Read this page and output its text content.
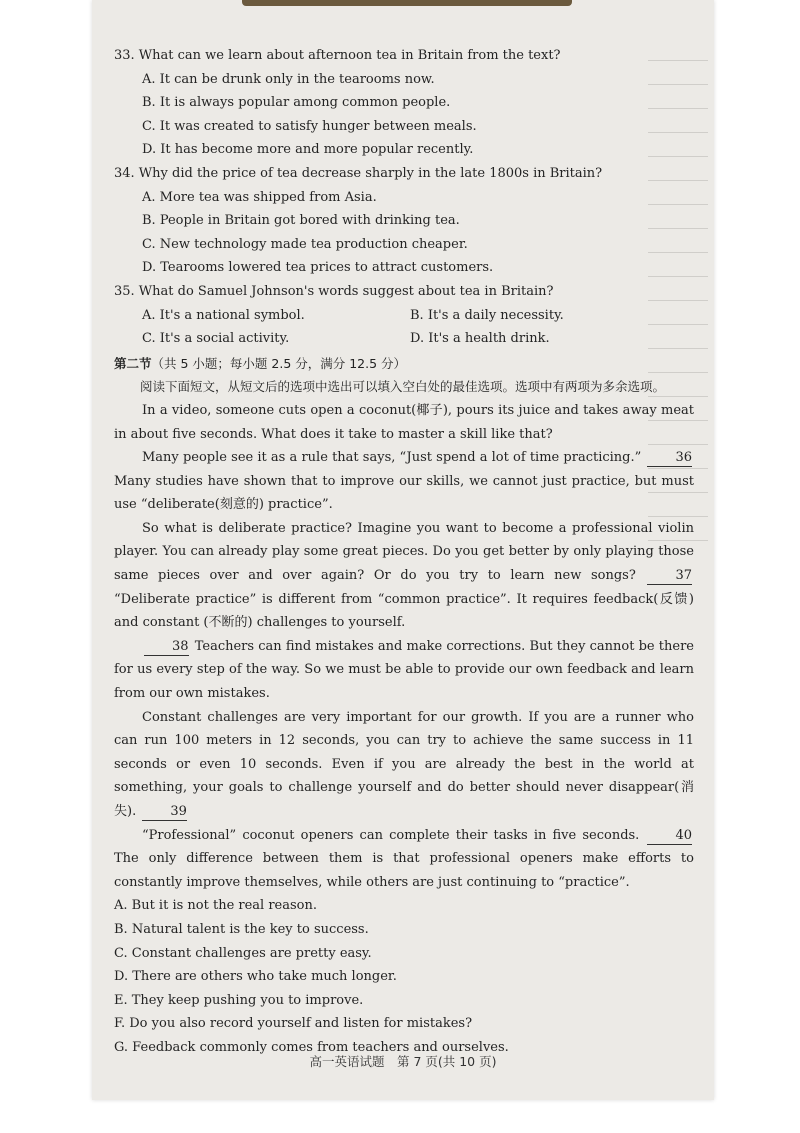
33. What can we learn about afternoon tea in Britain from the text?
A. It can be drunk only in the tearooms now.
B. It is always popular among common people.
C. It was created to satisfy hunger between meals.
D. It has become more and more popular recently.
34. Why did the price of tea decrease sharply in the late 1800s in Britain?
A. More tea was shipped from Asia.
B. People in Britain got bored with drinking tea.
C. New technology made tea production cheaper.
D. Tearooms lowered tea prices to attract customers.
35. What do Samuel Johnson's words suggest about tea in Britain?
A. It's a national symbol.	B. It's a daily necessity.
C. It's a social activity.	D. It's a health drink.
第二节（共 5 小题；每小题 2.5 分，满分 12.5 分）
阅读下面短文，从短文后的选项中选出可以填入空白处的最佳选项。选项中有两项为多余选项。
In a video, someone cuts open a coconut(椰子), pours its juice and takes away meat in about five seconds. What does it take to master a skill like that?
Many people see it as a rule that says, “Just spend a lot of time practicing.”	36 Many studies have shown that to improve our skills, we cannot just practice, but must use “deliberate(刻意的) practice”.
So what is deliberate practice? Imagine you want to become a professional violin player. You can already play some great pieces. Do you get better by only playing those same pieces over and over again? Or do you try to learn new songs?	37 “Deliberate practice” is different from “common practice”. It requires feedback(反馈) and constant (不断的) challenges to yourself.
38 Teachers can find mistakes and make corrections. But they cannot be there for us every step of the way. So we must be able to provide our own feedback and learn from our own mistakes.
Constant challenges are very important for our growth. If you are a runner who can run 100 meters in 12 seconds, you can try to achieve the same success in 11 seconds or even 10 seconds. Even if you are already the best in the world at something, your goals to challenge yourself and do better should never disappear(消失).	39
“Professional” coconut openers can complete their tasks in five seconds.	40 The only difference between them is that professional openers make efforts to constantly improve themselves, while others are just continuing to “practice”.
A. But it is not the real reason.
B. Natural talent is the key to success.
C. Constant challenges are pretty easy.
D. There are others who take much longer.
E. They keep pushing you to improve.
F. Do you also record yourself and listen for mistakes?
G. Feedback commonly comes from teachers and ourselves.
高一英语试题　第 7 页(共 10 页)
